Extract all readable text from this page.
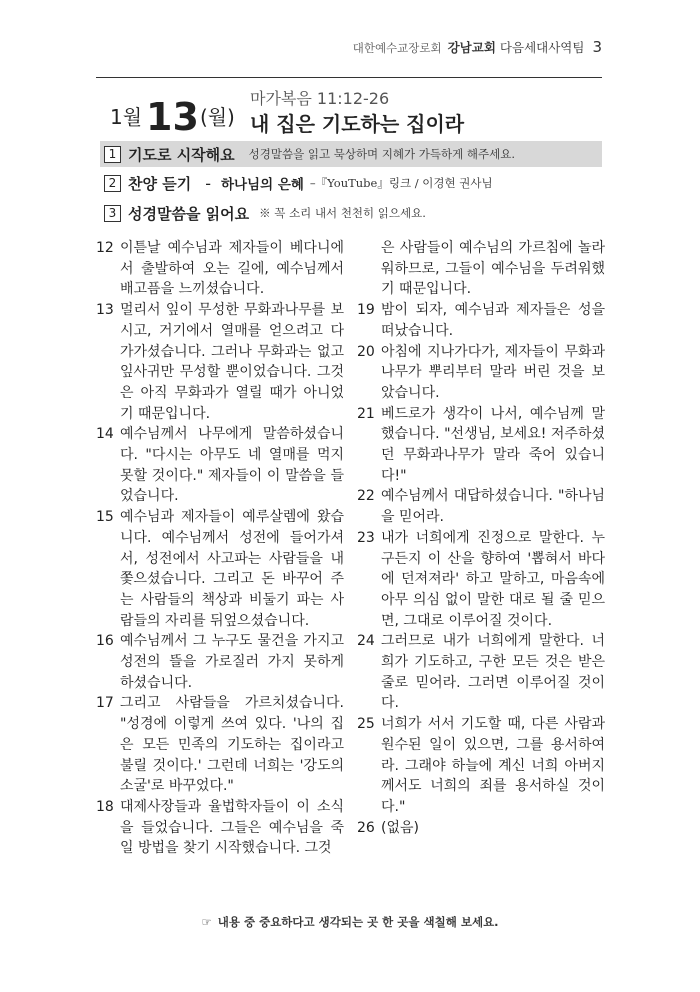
대한예수교장로회 강남교회 다음세대사역팀 3
1월 13 (월)
마가복음 11:12-26
내 집은 기도하는 집이라
1 기도로 시작해요 성경말씀을 읽고 묵상하며 지혜가 가득하게 해주세요.
2 찬양 듣기 - 하나님의 은혜 –『YouTube』링크 / 이경현 권사님
3 성경말씀을 읽어요 ※ 꼭 소리 내서 천천히 읽으세요.
12 이튿날 예수님과 제자들이 베다니에서 출발하여 오는 길에, 예수님께서 배고픔을 느끼셨습니다.
13 멀리서 잎이 무성한 무화과나무를 보시고, 거기에서 열매를 얻으려고 다가가셨습니다. 그러나 무화과는 없고 잎사귀만 무성할 뿐이었습니다. 그것은 아직 무화과가 열릴 때가 아니었기 때문입니다.
14 예수님께서 나무에게 말씀하셨습니다. "다시는 아무도 네 열매를 먹지 못할 것이다." 제자들이 이 말씀을 들었습니다.
15 예수님과 제자들이 예루살렘에 왔습니다. 예수님께서 성전에 들어가셔서, 성전에서 사고파는 사람들을 내쫓으셨습니다. 그리고 돈 바꾸어 주는 사람들의 책상과 비둘기 파는 사람들의 자리를 뒤엎으셨습니다.
16 예수님께서 그 누구도 물건을 가지고 성전의 뜰을 가로질러 가지 못하게 하셨습니다.
17 그리고 사람들을 가르치셨습니다. "성경에 이렇게 쓰여 있다. '나의 집은 모든 민족의 기도하는 집이라고 불릴 것이다.' 그런데 너희는 '강도의 소굴'로 바꾸었다."
18 대제사장들과 율법학자들이 이 소식을 들었습니다. 그들은 예수님을 죽일 방법을 찾기 시작했습니다. 그것
은 사람들이 예수님의 가르침에 놀라워하므로, 그들이 예수님을 두려워했기 때문입니다.
19 밤이 되자, 예수님과 제자들은 성을 떠났습니다.
20 아침에 지나가다가, 제자들이 무화과나무가 뿌리부터 말라 버린 것을 보았습니다.
21 베드로가 생각이 나서, 예수님께 말했습니다. "선생님, 보세요! 저주하셨던 무화과나무가 말라 죽어 있습니다!"
22 예수님께서 대답하셨습니다. "하나님을 믿어라.
23 내가 너희에게 진정으로 말한다. 누구든지 이 산을 향하여 '뽑혀서 바다에 던져져라' 하고 말하고, 마음속에 아무 의심 없이 말한 대로 될 줄 믿으면, 그대로 이루어질 것이다.
24 그러므로 내가 너희에게 말한다. 너희가 기도하고, 구한 모든 것은 받은 줄로 믿어라. 그러면 이루어질 것이다.
25 너희가 서서 기도할 때, 다른 사람과 원수된 일이 있으면, 그를 용서하여라. 그래야 하늘에 계신 너희 아버지께서도 너희의 죄를 용서하실 것이다."
26 (없음)
☞ 내용 중 중요하다고 생각되는 곳 한 곳을 색칠해 보세요.
